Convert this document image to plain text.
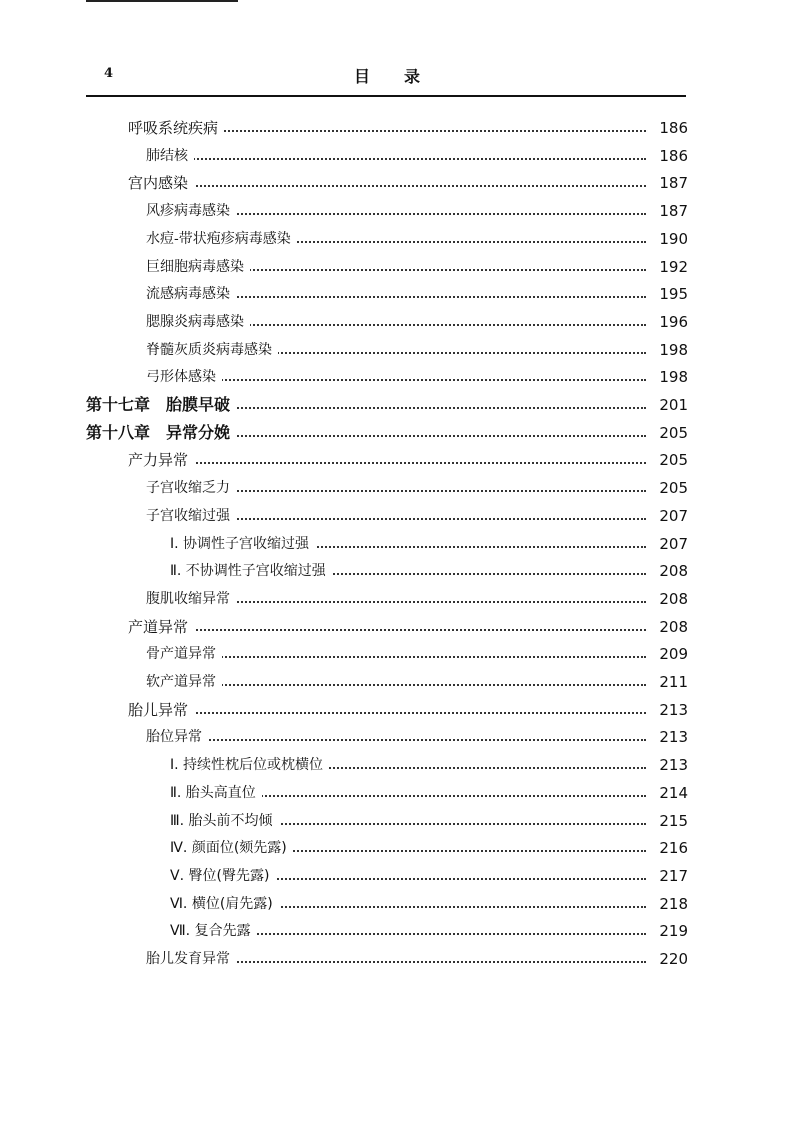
4	目录
呼吸系统疾病	186
肺结核	186
宫内感染	187
风疹病毒感染	187
水痘-带状疱疹病毒感染	190
巨细胞病毒感染	192
流感病毒感染	195
腮腺炎病毒感染	196
脊髓灰质炎病毒感染	198
弓形体感染	198
第十七章　胎膜早破	201
第十八章　异常分娩	205
产力异常	205
子宫收缩乏力	205
子宫收缩过强	207
Ⅰ. 协调性子宫收缩过强	207
Ⅱ. 不协调性子宫收缩过强	208
腹肌收缩异常	208
产道异常	208
骨产道异常	209
软产道异常	211
胎儿异常	213
胎位异常	213
Ⅰ. 持续性枕后位或枕横位	213
Ⅱ. 胎头高直位	214
Ⅲ. 胎头前不均倾	215
Ⅳ. 颜面位(颏先露)	216
Ⅴ. 臀位(臀先露)	217
Ⅵ. 横位(肩先露)	218
Ⅶ. 复合先露	219
胎儿发育异常	220
